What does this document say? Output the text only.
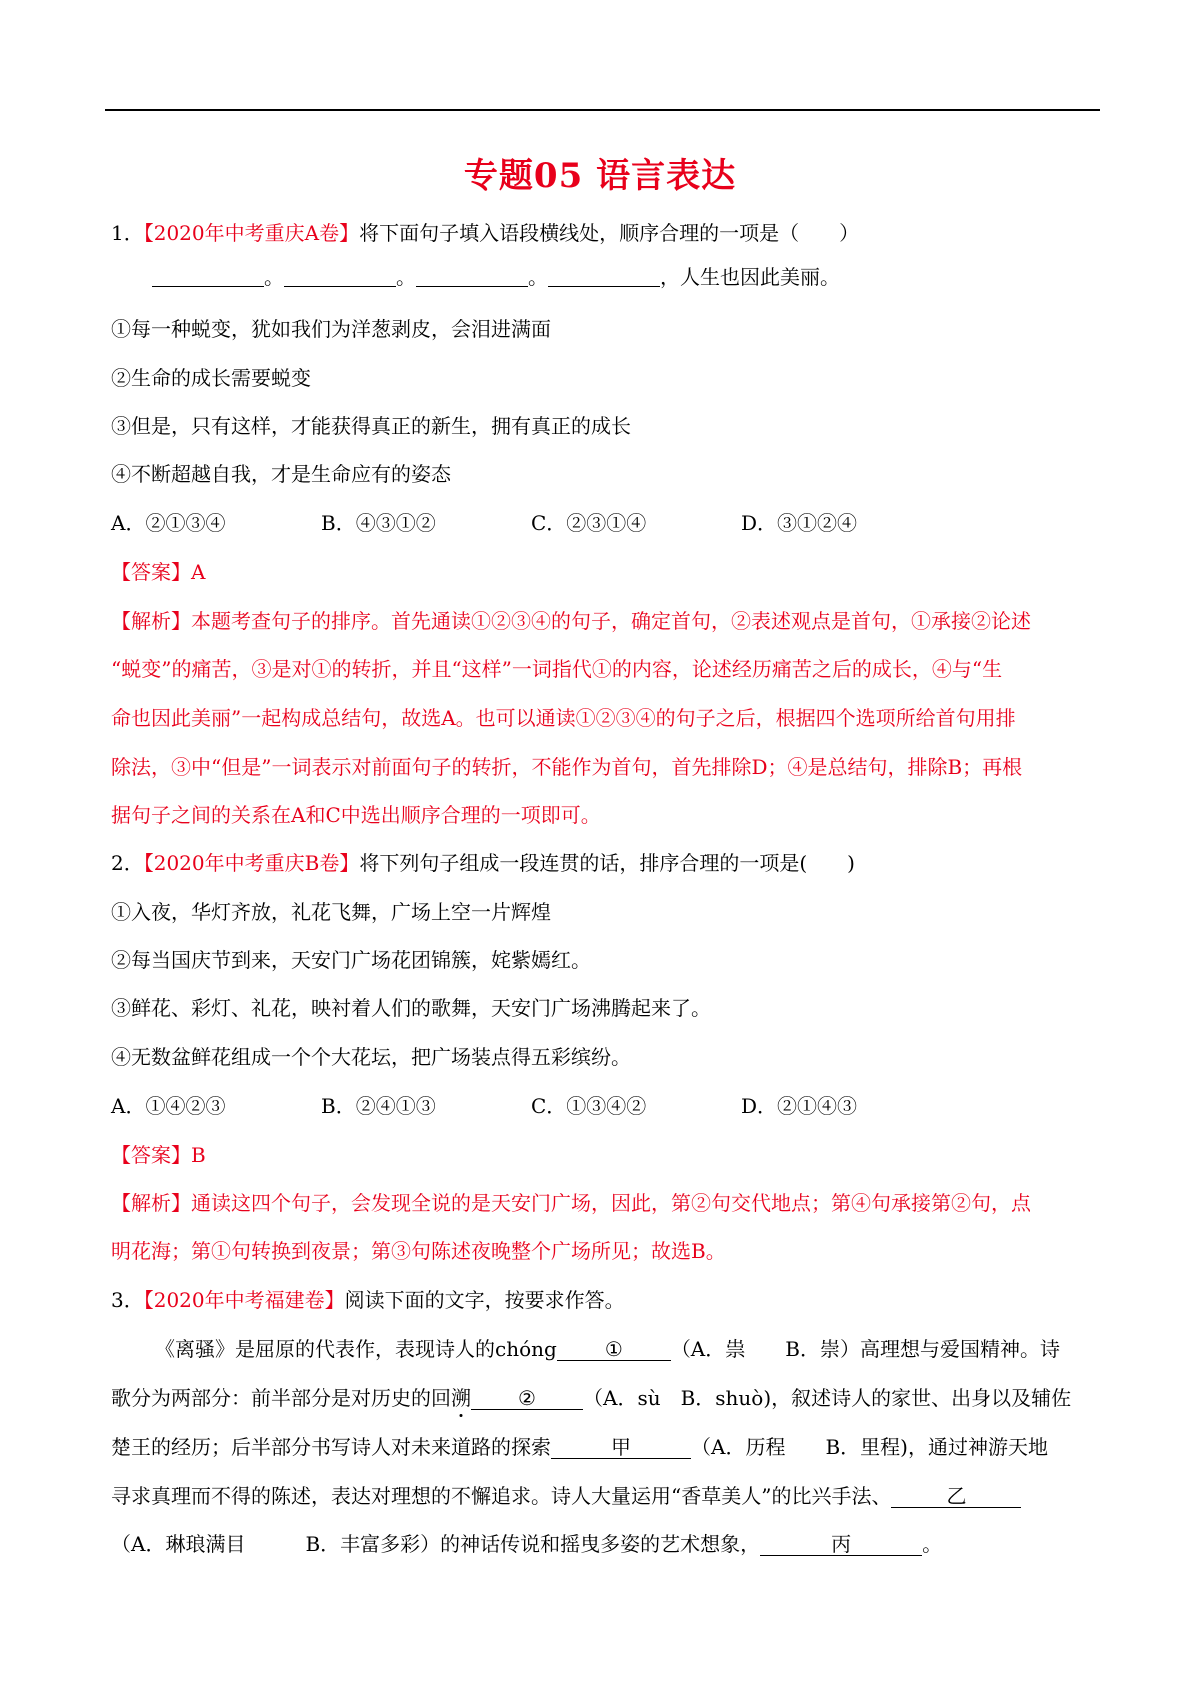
专题05 语言表达
1．【2020年中考重庆A卷】将下面句子填入语段横线处，顺序合理的一项是（　　）
。	。	。	，人生也因此美丽。
①每一种蜕变，犹如我们为洋葱剥皮，会泪进满面
②生命的成长需要蜕变
③但是，只有这样，才能获得真正的新生，拥有真正的成长
④不断超越自我，才是生命应有的姿态
A．②①③④	B．④③①②	C．②③①④	D．③①②④
【答案】A
【解析】本题考查句子的排序。首先通读①②③④的句子，确定首句，②表述观点是首句，①承接②论述
“蜕变”的痛苦，③是对①的转折，并且“这样”一词指代①的内容，论述经历痛苦之后的成长，④与“生
命也因此美丽”一起构成总结句，故选A。也可以通读①②③④的句子之后，根据四个选项所给首句用排
除法，③中“但是”一词表示对前面句子的转折，不能作为首句，首先排除D；④是总结句，排除B；再根
据句子之间的关系在A和C中选出顺序合理的一项即可。
2．【2020年中考重庆B卷】将下列句子组成一段连贯的话，排序合理的一项是(　　)
①入夜，华灯齐放，礼花飞舞，广场上空一片辉煌
②每当国庆节到来，天安门广场花团锦簇，姹紫嫣红。
③鲜花、彩灯、礼花，映衬着人们的歌舞，天安门广场沸腾起来了。
④无数盆鲜花组成一个个大花坛，把广场装点得五彩缤纷。
A．①④②③	B．②④①③	C．①③④②	D．②①④③
【答案】B
【解析】通读这四个句子，会发现全说的是天安门广场，因此，第②句交代地点；第④句承接第②句，点
明花海；第①句转换到夜景；第③句陈述夜晚整个广场所见；故选B。
3．【2020年中考福建卷】阅读下面的文字，按要求作答。
《离骚》是屈原的代表作，表现诗人的chóng ① （A．祟　　B．崇）高理想与爱国精神。诗
歌分为两部分：前半部分是对历史的回溯 ② （A．sù　B．shuò)，叙述诗人的家世、出身以及辅佐
楚王的经历；后半部分书写诗人对未来道路的探索	甲	（A．历程　　B．里程)，通过神游天地
寻求真理而不得的陈述，表达对理想的不懈追求。诗人大量运用“香草美人”的比兴手法、	乙
（A．琳琅满目　　　B．丰富多彩）的神话传说和摇曳多姿的艺术想象，	丙	。
